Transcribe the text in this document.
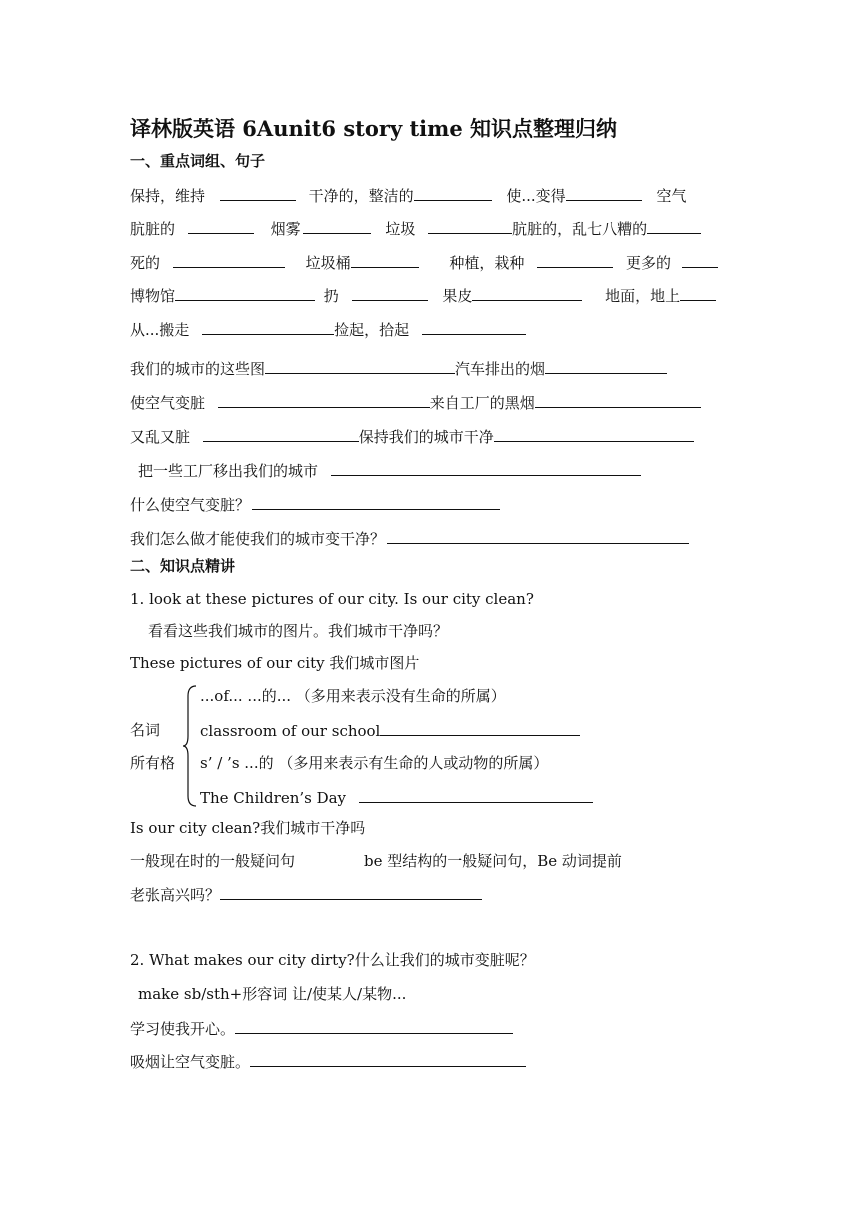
译林版英语 6Aunit6 story time 知识点整理归纳
一、重点词组、句子
保持，维持	干净的，整洁的	使...变得	空气
肮脏的	烟雾	垃圾	肮脏的，乱七八糟的
死的	垃圾桶	种植，栽种	更多的
博物馆	扔	果皮	地面，地上
从...搬走	捡起，拾起
我们的城市的这些图	汽车排出的烟
使空气变脏	来自工厂的黑烟
又乱又脏	保持我们的城市干净
把一些工厂移出我们的城市
什么使空气变脏？
我们怎么做才能使我们的城市变干净？
二、知识点精讲
1. look at these pictures of our city. Is our city clean?
看看这些我们城市的图片。我们城市干净吗？
These pictures of our city 我们城市图片
名词
所有格
...of... ...的... （多用来表示没有生命的所属）
classroom of our school
s’ / ’s ...的 （多用来表示有生命的人或动物的所属）
The Children’s Day
Is our city clean?我们城市干净吗
一般现在时的一般疑问句	be 型结构的一般疑问句，Be 动词提前
老张高兴吗？
2. What makes our city dirty?什么让我们的城市变脏呢？
make sb/sth+形容词 让/使某人/某物...
学习使我开心。
吸烟让空气变脏。
